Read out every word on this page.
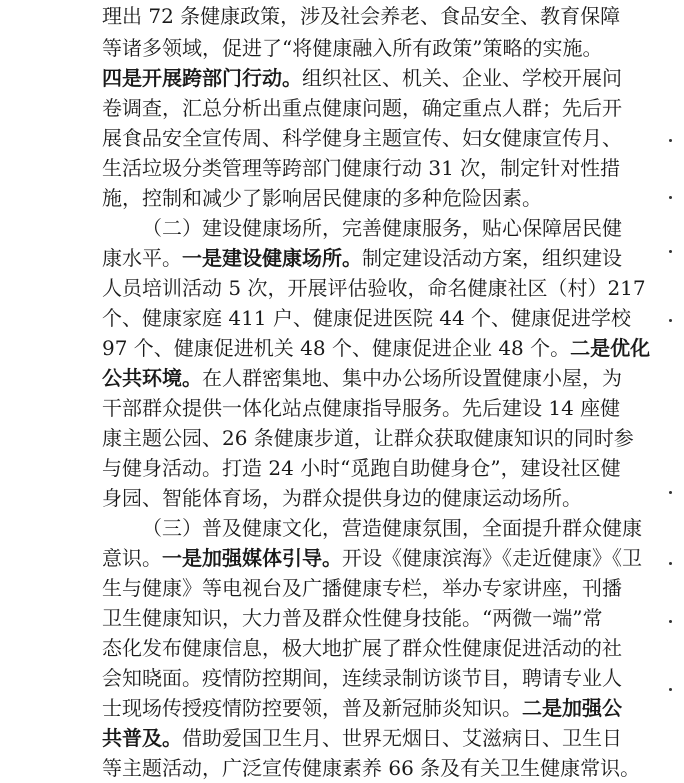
理出 72 条健康政策，涉及社会养老、食品安全、教育保障
等诸多领域，促进了“将健康融入所有政策”策略的实施。
四是开展跨部门行动。组织社区、机关、企业、学校开展问
卷调查，汇总分析出重点健康问题，确定重点人群；先后开
展食品安全宣传周、科学健身主题宣传、妇女健康宣传月、
生活垃圾分类管理等跨部门健康行动 31 次，制定针对性措
施，控制和减少了影响居民健康的多种危险因素。
（二）建设健康场所，完善健康服务，贴心保障居民健
康水平。一是建设健康场所。制定建设活动方案，组织建设
人员培训活动 5 次，开展评估验收，命名健康社区（村）217
个、健康家庭 411 户、健康促进医院 44 个、健康促进学校
97 个、健康促进机关 48 个、健康促进企业 48 个。二是优化
公共环境。在人群密集地、集中办公场所设置健康小屋，为
干部群众提供一体化站点健康指导服务。先后建设 14 座健
康主题公园、26 条健康步道，让群众获取健康知识的同时参
与健身活动。打造 24 小时“觅跑自助健身仓”，建设社区健
身园、智能体育场，为群众提供身边的健康运动场所。
（三）普及健康文化，营造健康氛围，全面提升群众健康
意识。一是加强媒体引导。开设《健康滨海》《走近健康》《卫
生与健康》等电视台及广播健康专栏，举办专家讲座，刊播
卫生健康知识，大力普及群众性健身技能。“两微一端”常
态化发布健康信息，极大地扩展了群众性健康促进活动的社
会知晓面。疫情防控期间，连续录制访谈节目，聘请专业人
士现场传授疫情防控要领，普及新冠肺炎知识。二是加强公
共普及。借助爱国卫生月、世界无烟日、艾滋病日、卫生日
等主题活动，广泛宣传健康素养 66 条及有关卫生健康常识。
